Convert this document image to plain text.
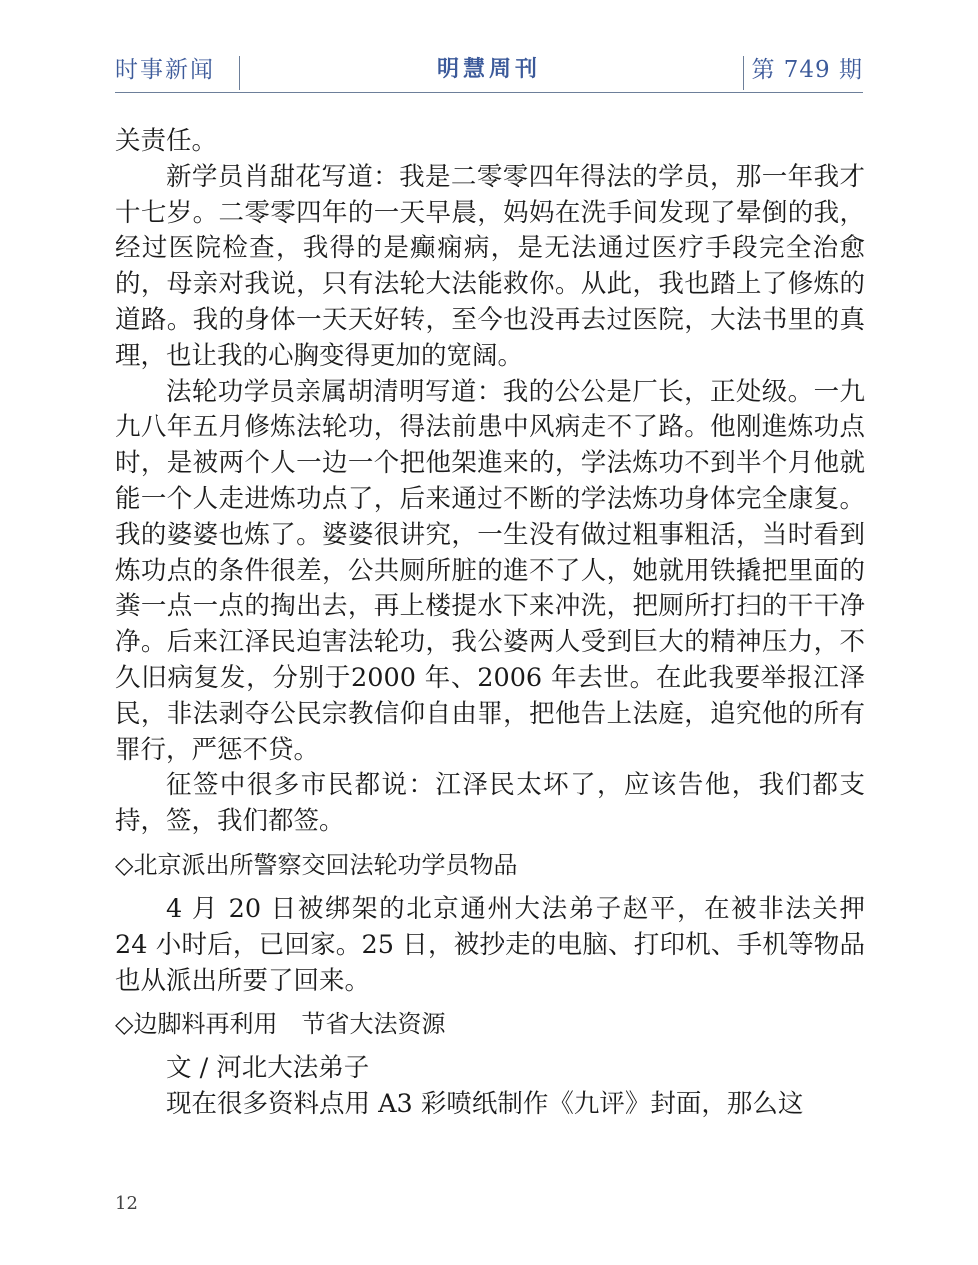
时事新闻	明慧周刊	第 749 期

关责任。

新学员肖甜花写道：我是二零零四年得法的学员，那一年我才十七岁。二零零四年的一天早晨，妈妈在洗手间发现了晕倒的我，经过医院检查，我得的是癫痫病，是无法通过医疗手段完全治愈的，母亲对我说，只有法轮大法能救你。从此，我也踏上了修炼的道路。我的身体一天天好转，至今也没再去过医院，大法书里的真理，也让我的心胸变得更加的宽阔。

法轮功学员亲属胡清明写道：我的公公是厂长，正处级。一九九八年五月修炼法轮功，得法前患中风病走不了路。他刚進炼功点时，是被两个人一边一个把他架進来的，学法炼功不到半个月他就能一个人走进炼功点了，后来通过不断的学法炼功身体完全康复。我的婆婆也炼了。婆婆很讲究，一生没有做过粗事粗活，当时看到炼功点的条件很差，公共厕所脏的進不了人，她就用铁撬把里面的粪一点一点的掏出去，再上楼提水下来冲洗，把厕所打扫的干干净净。后来江泽民迫害法轮功，我公婆两人受到巨大的精神压力，不久旧病复发，分别于2000 年、2006 年去世。在此我要举报江泽民，非法剥夺公民宗教信仰自由罪，把他告上法庭，追究他的所有罪行，严惩不贷。

征签中很多市民都说：江泽民太坏了，应该告他，我们都支持，签，我们都签。

◇北京派出所警察交回法轮功学员物品

4 月 20 日被绑架的北京通州大法弟子赵平，在被非法关押 24 小时后，已回家。25 日，被抄走的电脑、打印机、手机等物品也从派出所要了回来。

◇边脚料再利用　节省大法资源

文 / 河北大法弟子

现在很多资料点用 A3 彩喷纸制作《九评》封面，那么这

12
